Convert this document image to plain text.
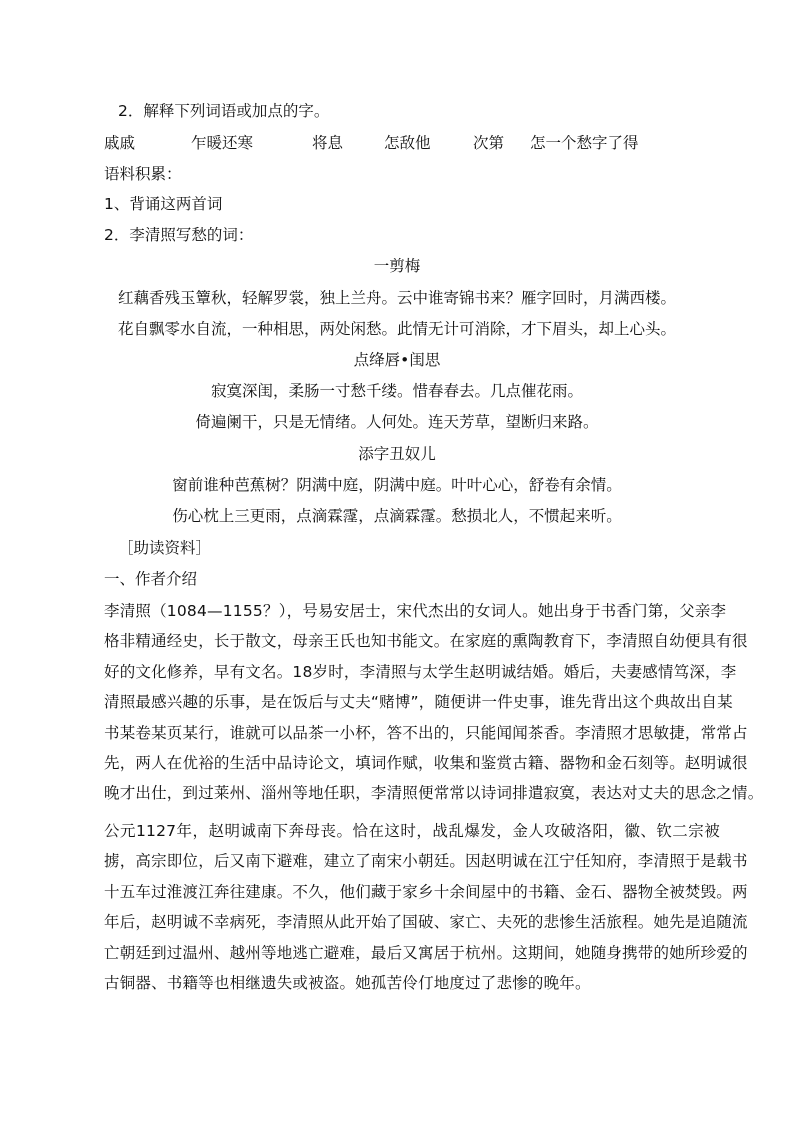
2．解释下列词语或加点的字。
戚戚	乍暖还寒	将息	怎敌他	次第 怎一个愁字了得
语料积累：
1、背诵这两首词
2．李清照写愁的词：
一剪梅
红藕香残玉簟秋，轻解罗裳，独上兰舟。云中谁寄锦书来？雁字回时，月满西楼。
花自飘零水自流，一种相思，两处闲愁。此情无计可消除，才下眉头，却上心头。
点绛唇•闺思
寂寞深闺，柔肠一寸愁千缕。惜春春去。几点催花雨。
倚遍阑干，只是无情绪。人何处。连天芳草，望断归来路。
添字丑奴儿
窗前谁种芭蕉树？阴满中庭，阴满中庭。叶叶心心，舒卷有余情。
伤心枕上三更雨，点滴霖霪，点滴霖霪。愁损北人，不惯起来听。
［助读资料］
一、作者介绍
李清照（1084—1155？），号易安居士，宋代杰出的女词人。她出身于书香门第，父亲李
格非精通经史，长于散文，母亲王氏也知书能文。在家庭的熏陶教育下，李清照自幼便具有很
好的文化修养，早有文名。18岁时，李清照与太学生赵明诚结婚。婚后，夫妻感情笃深，李
清照最感兴趣的乐事，是在饭后与丈夫“赌博”，随便讲一件史事，谁先背出这个典故出自某
书某卷某页某行，谁就可以品茶一小杯，答不出的，只能闻闻茶香。李清照才思敏捷，常常占
先，两人在优裕的生活中品诗论文，填词作赋，收集和鉴赏古籍、器物和金石刻等。赵明诚很
晚才出仕，到过莱州、淄州等地任职，李清照便常常以诗词排遣寂寞，表达对丈夫的思念之情。
公元1127年，赵明诚南下奔母丧。恰在这时，战乱爆发，金人攻破洛阳，徽、钦二宗被
掳，高宗即位，后又南下避难，建立了南宋小朝廷。因赵明诚在江宁任知府，李清照于是载书
十五车过淮渡江奔往建康。不久，他们藏于家乡十余间屋中的书籍、金石、器物全被焚毁。两
年后，赵明诚不幸病死，李清照从此开始了国破、家亡、夫死的悲惨生活旅程。她先是追随流
亡朝廷到过温州、越州等地逃亡避难，最后又寓居于杭州。这期间，她随身携带的她所珍爱的
古铜器、书籍等也相继遗失或被盗。她孤苦伶仃地度过了悲惨的晚年。
